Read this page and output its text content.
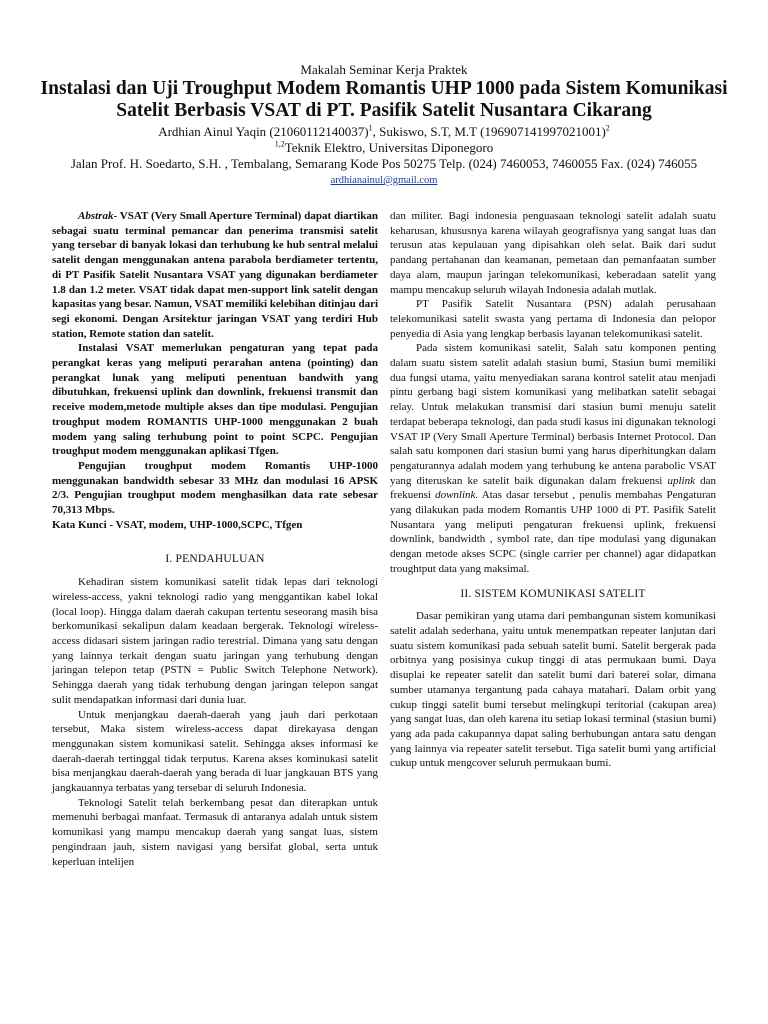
Makalah Seminar Kerja Praktek
Instalasi dan Uji Troughput Modem Romantis UHP 1000 pada Sistem Komunikasi
Satelit Berbasis VSAT di PT. Pasifik Satelit Nusantara Cikarang
Ardhian Ainul Yaqin $(21060112140037)^1$, Sukiswo, S.T, M.T $(196907141997021001)^2$
$^{1,2}$Teknik Elektro, Universitas Diponegoro
Jalan Prof. H. Soedarto, S.H. , Tembalang, Semarang Kode Pos 50275 Telp. (024) 7460053, 7460055 Fax. (024) 746055
ardhianainul@gmail.com

Abstrak- VSAT (Very Small Aperture Terminal) dapat diartikan sebagai suatu terminal pemancar dan penerima transmisi satelit yang tersebar di banyak lokasi dan terhubung ke hub sentral melalui satelit dengan menggunakan antena parabola berdiameter tertentu, di PT Pasifik Satelit Nusantara VSAT yang digunakan berdiameter 1.8 dan 1.2 meter. VSAT tidak dapat men-support link satelit dengan kapasitas yang besar. Namun, VSAT memiliki kelebihan ditinjau dari segi ekonomi. Dengan Arsitektur jaringan VSAT yang terdiri Hub station, Remote station dan satelit.

Instalasi VSAT memerlukan pengaturan yang tepat pada perangkat keras yang meliputi perarahan antena (pointing) dan perangkat lunak yang meliputi penentuan bandwith yang dibutuhkan, frekuensi uplink dan downlink, frekuensi transmit dan receive modem,metode multiple akses dan tipe modulasi. Pengujian troughput modem ROMANTIS UHP-1000 menggunakan 2 buah modem yang saling terhubung point to point SCPC. Pengujian troughput modem menggunakan aplikasi Tfgen.

Pengujian troughput modem Romantis UHP-1000 menggunakan bandwidth sebesar 33 MHz dan modulasi 16 APSK 2/3. Pengujian troughput modem menghasilkan data rate sebesar 70,313 Mbps.

Kata Kunci - VSAT, modem, UHP-1000,SCPC, Tfgen

I. PENDAHULUAN

Kehadiran sistem komunikasi satelit tidak lepas dari teknologi wireless-access, yakni teknologi radio yang menggantikan kabel lokal (local loop). Hingga dalam daerah cakupan tertentu seseorang masih bisa berkomunikasi sekalipun dalam keadaan bergerak. Teknologi wireless-access didasari sistem jaringan radio terestrial. Dimana yang satu dengan yang lainnya terkait dengan suatu jaringan yang terhubung dengan jaringan telepon tetap (PSTN = Public Switch Telephone Network). Sehingga daerah yang tidak terhubung dengan jaringan telepon sangat sulit mendapatkan informasi dari dunia luar.

Untuk menjangkau daerah-daerah yang jauh dari perkotaan tersebut, Maka sistem wireless-access dapat direkayasa dengan menggunakan sistem komunikasi satelit. Sehingga akses informasi ke daerah-daerah tertinggal tidak terputus. Karena akses kominukasi satelit bisa menjangkau daerah-daerah yang berada di luar jangkauan BTS yang jangkauannya terbatas yang tersebar di seluruh Indonesia.

Teknologi Satelit telah berkembang pesat dan diterapkan untuk memenuhi berbagai manfaat. Termasuk di antaranya adalah untuk sistem komunikasi yang mampu mencakup daerah yang sangat luas, sistem pengindraan jauh, sistem navigasi yang bersifat global, serta untuk keperluan intelijen

dan militer. Bagi indonesia penguasaan teknologi satelit adalah suatu keharusan, khususnya karena wilayah geografisnya yang sangat luas dan terusun atas kepulauan yang dipisahkan oleh selat. Baik dari sudut pandang pertahanan dan keamanan, pemetaan dan pemanfaatan sumber daya alam, maupun jaringan telekomunikasi, keberadaan satelit yang mampu mencakup seluruh wilayah Indonesia adalah mutlak.

PT Pasifik Satelit Nusantara (PSN) adalah perusahaan telekomunikasi satelit swasta yang pertama di Indonesia dan pelopor penyedia di Asia yang lengkap berbasis layanan telekomunikasi satelit.

Pada sistem komunikasi satelit, Salah satu komponen penting dalam suatu sistem satelit adalah stasiun bumi, Stasiun bumi memiliki dua fungsi utama, yaitu menyediakan sarana kontrol satelit atau menjadi pintu gerbang bagi sistem komunikasi yang melibatkan satelit sebagai relay. Untuk melakukan transmisi dari stasiun bumi menuju satelit terdapat beberapa teknologi, dan pada studi kasus ini digunakan teknologi VSAT IP (Very Small Aperture Terminal) berbasis Internet Protocol. Dan salah satu komponen dari stasiun bumi yang harus diperhitungkan dalam pengaturannya adalah modem yang terhubung ke antena parabolic VSAT yang diteruskan ke satelit baik digunakan dalam frekuensi uplink dan frekuensi downlink. Atas dasar tersebut , penulis membahas Pengaturan yang dilakukan pada modem Romantis UHP 1000 di PT. Pasifik Satelit Nusantara yang meliputi pengaturan frekuensi uplink, frekuensi downlink, bandwidth , symbol rate, dan tipe modulasi yang digunakan dengan metode akses SCPC (single carrier per channel) agar didapatkan troughtput data yang maksimal.

II. SISTEM KOMUNIKASI SATELIT

Dasar pemikiran yang utama dari pembangunan sistem komunikasi satelit adalah sederhana, yaitu untuk menempatkan repeater lanjutan dari suatu sistem komunikasi pada sebuah satelit bumi. Satelit bergerak pada orbitnya yang posisinya cukup tinggi di atas permukaan bumi. Daya disuplai ke repeater satelit dan satelit bumi dari baterei solar, dimana sumber utamanya tergantung pada cahaya matahari. Dalam orbit yang cukup tinggi satelit bumi tersebut melingkupi teritorial (cakupan area) yang sangat luas, dan oleh karena itu setiap lokasi terminal (stasiun bumi) yang ada pada cakupannya dapat saling berhubungan antara satu dengan yang lainnya via repeater satelit tersebut. Tiga satelit bumi yang artificial cukup untuk mengcover seluruh permukaan bumi.
